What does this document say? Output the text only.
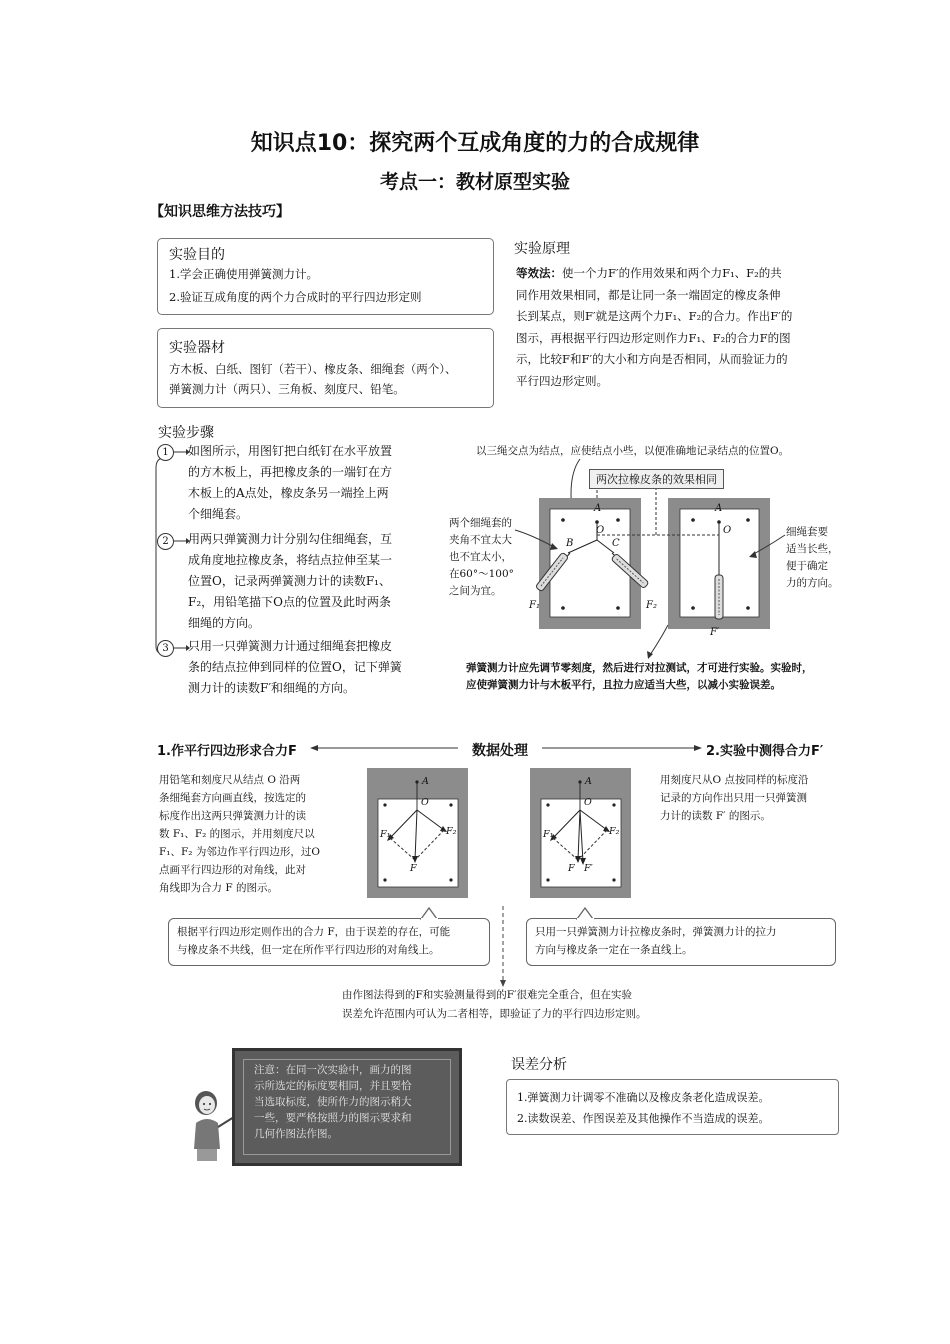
知识点10：探究两个互成角度的力的合成规律
考点一：教材原型实验
【知识思维方法技巧】
实验目的
1.学会正确使用弹簧测力计。
2.验证互成角度的两个力合成时的平行四边形定则
实验器材
方木板、白纸、图钉（若干）、橡皮条、细绳套（两个）、
弹簧测力计（两只）、三角板、刻度尺、铅笔。
实验原理
等效法：使一个力F′的作用效果和两个力F₁、F₂的共
同作用效果相同，都是让同一条一端固定的橡皮条伸
长到某点，则F′就是这两个力F₁、F₂的合力。作出F′的
图示，再根据平行四边形定则作力F₁、F₂的合力F的图
示，比较F和F′的大小和方向是否相同，从而验证力的
平行四边形定则。
实验步骤
1
2
3
如图所示，用图钉把白纸钉在水平放置
的方木板上，再把橡皮条的一端钉在方
木板上的A点处，橡皮条另一端拴上两
个细绳套。
用两只弹簧测力计分别勾住细绳套，互
成角度地拉橡皮条，将结点拉伸至某一
位置O，记录两弹簧测力计的读数F₁、
F₂，用铅笔描下O点的位置及此时两条
细绳的方向。
只用一只弹簧测力计通过细绳套把橡皮
条的结点拉伸到同样的位置O，记下弹簧
测力计的读数F′和细绳的方向。
以三绳交点为结点，应使结点小些，以便准确地记录结点的位置O。
两次拉橡皮条的效果相同
两个细绳套的
夹角不宜太大
也不宜太小，
在60°～100°
之间为宜。
细绳套要
适当长些，
便于确定
力的方向。
A
O
B	C
F₁	F₂
A
O
F′
弹簧测力计应先调节零刻度，然后进行对拉测试，才可进行实验。实验时，
应使弹簧测力计与木板平行，且拉力应适当大些，以减小实验误差。
1.作平行四边形求合力F	数据处理	2.实验中测得合力F′
用铅笔和刻度尺从结点 O 沿两
条细绳套方向画直线，按选定的
标度作出这两只弹簧测力计的读
数 F₁、F₂ 的图示，并用刻度尺以
F₁、F₂ 为邻边作平行四边形，过O
点画平行四边形的对角线，此对
角线即为合力 F 的图示。
用刻度尺从O 点按同样的标度沿
记录的方向作出只用一只弹簧测
力计的读数 F′ 的图示。
A
O
F₁	F₂
F
A
O
F₁	F₂
F F′
根据平行四边形定则作出的合力 F，由于误差的存在，可能
与橡皮条不共线，但一定在所作平行四边形的对角线上。
只用一只弹簧测力计拉橡皮条时，弹簧测力计的拉力
方向与橡皮条一定在一条直线上。
由作图法得到的F和实验测量得到的F′很难完全重合，但在实验
误差允许范围内可认为二者相等，即验证了力的平行四边形定则。
注意：在同一次实验中，画力的图
示所选定的标度要相同，并且要恰
当选取标度，使所作力的图示稍大
一些，要严格按照力的图示要求和
几何作图法作图。
误差分析
1.弹簧测力计调零不准确以及橡皮条老化造成误差。
2.读数误差、作图误差及其他操作不当造成的误差。
